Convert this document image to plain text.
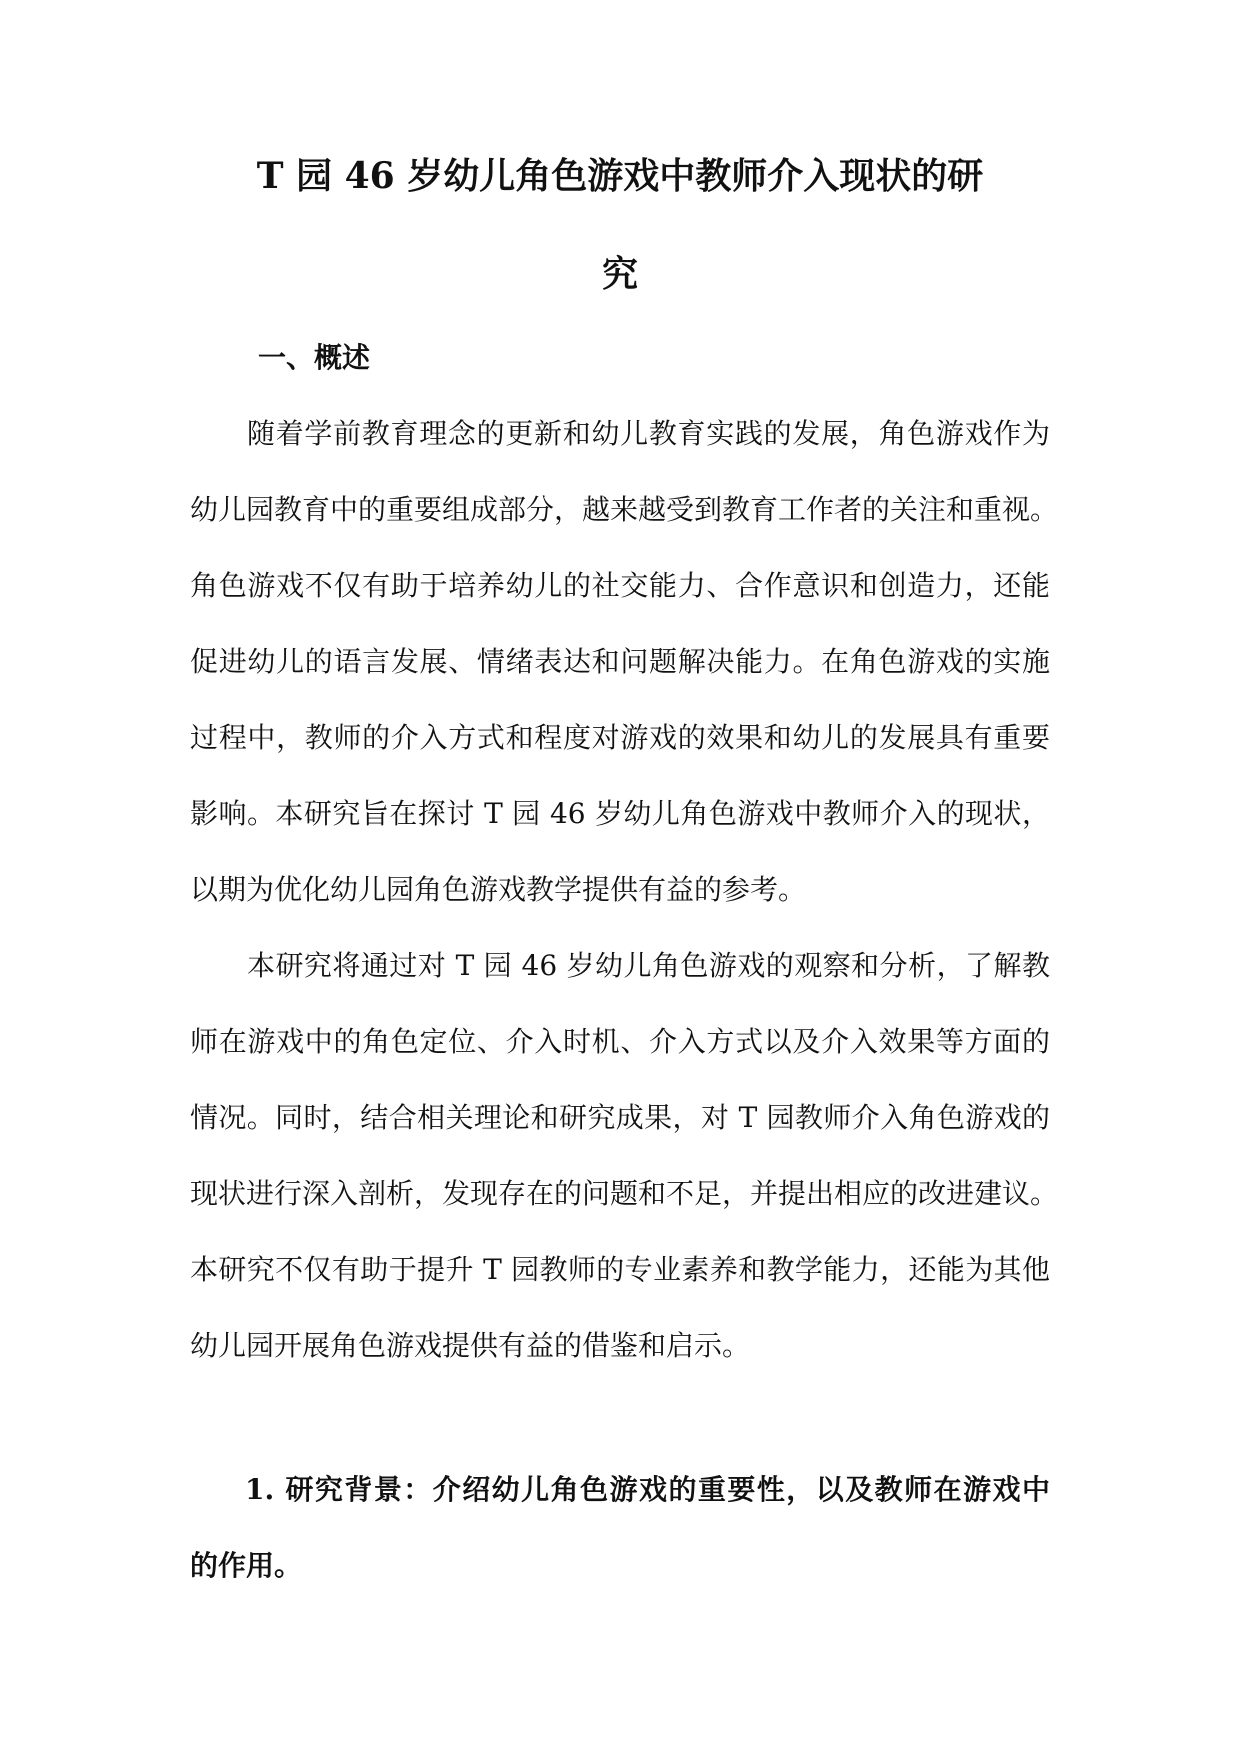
T 园 46 岁幼儿角色游戏中教师介入现状的研
究
一、概述

随着学前教育理念的更新和幼儿教育实践的发展，角色游戏作为

幼儿园教育中的重要组成部分，越来越受到教育工作者的关注和重视。

角色游戏不仅有助于培养幼儿的社交能力、合作意识和创造力，还能

促进幼儿的语言发展、情绪表达和问题解决能力。在角色游戏的实施

过程中，教师的介入方式和程度对游戏的效果和幼儿的发展具有重要

影响。本研究旨在探讨 T 园 46 岁幼儿角色游戏中教师介入的现状，

以期为优化幼儿园角色游戏教学提供有益的参考。

本研究将通过对 T 园 46 岁幼儿角色游戏的观察和分析，了解教

师在游戏中的角色定位、介入时机、介入方式以及介入效果等方面的

情况。同时，结合相关理论和研究成果，对 T 园教师介入角色游戏的

现状进行深入剖析，发现存在的问题和不足，并提出相应的改进建议。

本研究不仅有助于提升 T 园教师的专业素养和教学能力，还能为其他

幼儿园开展角色游戏提供有益的借鉴和启示。

1. 研究背景：介绍幼儿角色游戏的重要性，以及教师在游戏中

的作用。
